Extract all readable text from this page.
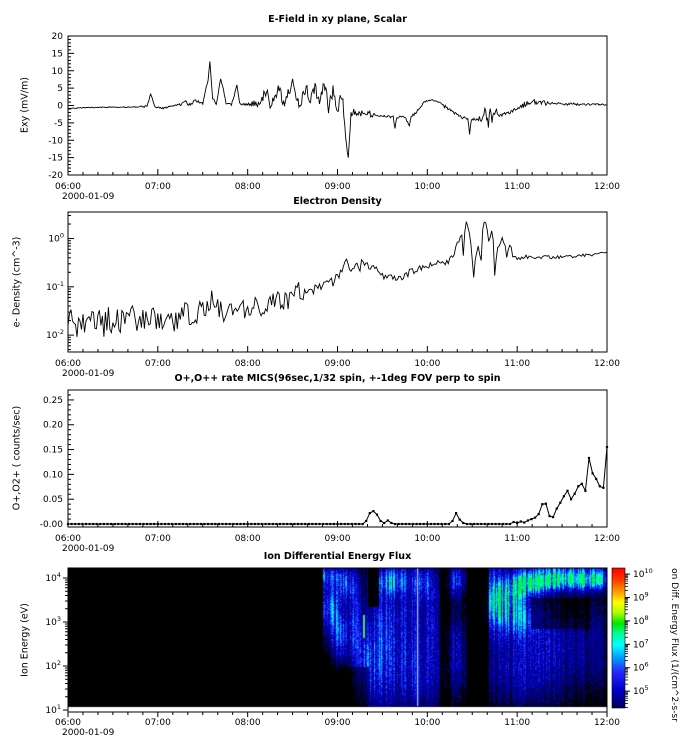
06:00	07:00	08:00	09:00	10:00	11:00	12:00
20
15
10
5
0
-5
-10
-15
-20
06:00	07:00	08:00	09:00	10:00	11:00	12:00
$10^0$
$10^{-1}$
$10^{-2}$
06:00	07:00	08:00	09:00	10:00	11:00	12:00
0.25
0.20
0.15
0.10
0.05
-0.00
06:00	07:00	08:00	09:00	10:00	11:00	12:00
$10^4$
$10^3$
$10^2$
$10^1$
$10^{10}$
$10^9$
$10^8$
$10^7$
$10^6$
$10^5$
E-Field in xy plane, Scalar
Electron Density
O+,O++ rate MICS(96sec,1/32 spin, +-1deg FOV perp to spin
Ion Differential Energy Flux
Exy (mV/m)
e- Density (cm^-3)
O+,O2+ ( counts/sec)
Ion Energy (eV)
2000-01-09
2000-01-09
2000-01-09
2000-01-09
on Diff. Energy Flux (1/(cm^2-s-sr
